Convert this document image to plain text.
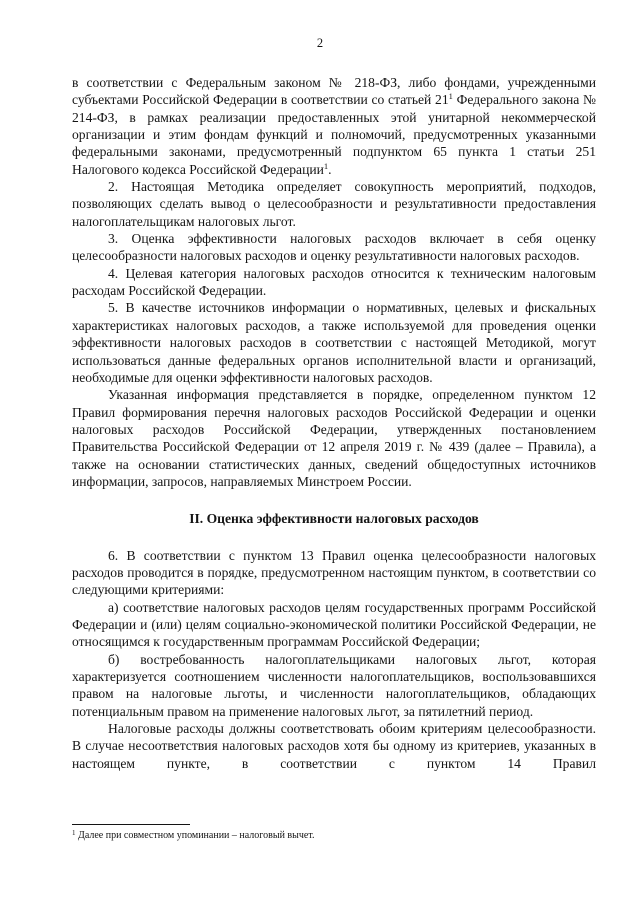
2

в соответствии с Федеральным законом № 218-ФЗ, либо фондами, учрежденными субъектами Российской Федерации в соответствии со статьей $21^1$ Федерального закона № 214-ФЗ, в рамках реализации предоставленных этой унитарной некоммерческой организации и этим фондам функций и полномочий, предусмотренных указанными федеральными законами, предусмотренный подпунктом 65 пункта 1 статьи 251 Налогового кодекса Российской Федерации$^1$.

2. Настоящая Методика определяет совокупность мероприятий, подходов, позволяющих сделать вывод о целесообразности и результативности предоставления налогоплательщикам налоговых льгот.

3. Оценка эффективности налоговых расходов включает в себя оценку целесообразности налоговых расходов и оценку результативности налоговых расходов.

4. Целевая категория налоговых расходов относится к техническим налоговым расходам Российской Федерации.

5. В качестве источников информации о нормативных, целевых и фискальных характеристиках налоговых расходов, а также используемой для проведения оценки эффективности налоговых расходов в соответствии с настоящей Методикой, могут использоваться данные федеральных органов исполнительной власти и организаций, необходимые для оценки эффективности налоговых расходов.

Указанная информация представляется в порядке, определенном пунктом 12 Правил формирования перечня налоговых расходов Российской Федерации и оценки налоговых расходов Российской Федерации, утвержденных постановлением Правительства Российской Федерации от 12 апреля 2019 г. № 439 (далее – Правила), а также на основании статистических данных, сведений общедоступных источников информации, запросов, направляемых Минстроем России.

II. Оценка эффективности налоговых расходов

6. В соответствии с пунктом 13 Правил оценка целесообразности налоговых расходов проводится в порядке, предусмотренном настоящим пунктом, в соответствии со следующими критериями:

а) соответствие налоговых расходов целям государственных программ Российской Федерации и (или) целям социально-экономической политики Российской Федерации, не относящимся к государственным программам Российской Федерации;

б) востребованность налогоплательщиками налоговых льгот, которая характеризуется соотношением численности налогоплательщиков, воспользовавшихся правом на налоговые льготы, и численности налогоплательщиков, обладающих потенциальным правом на применение налоговых льгот, за пятилетний период.

Налоговые расходы должны соответствовать обоим критериям целесообразности. В случае несоответствия налоговых расходов хотя бы одному из критериев, указанных в настоящем пункте, в соответствии с пунктом 14 Правил

$^1$ Далее при совместном упоминании – налоговый вычет.
